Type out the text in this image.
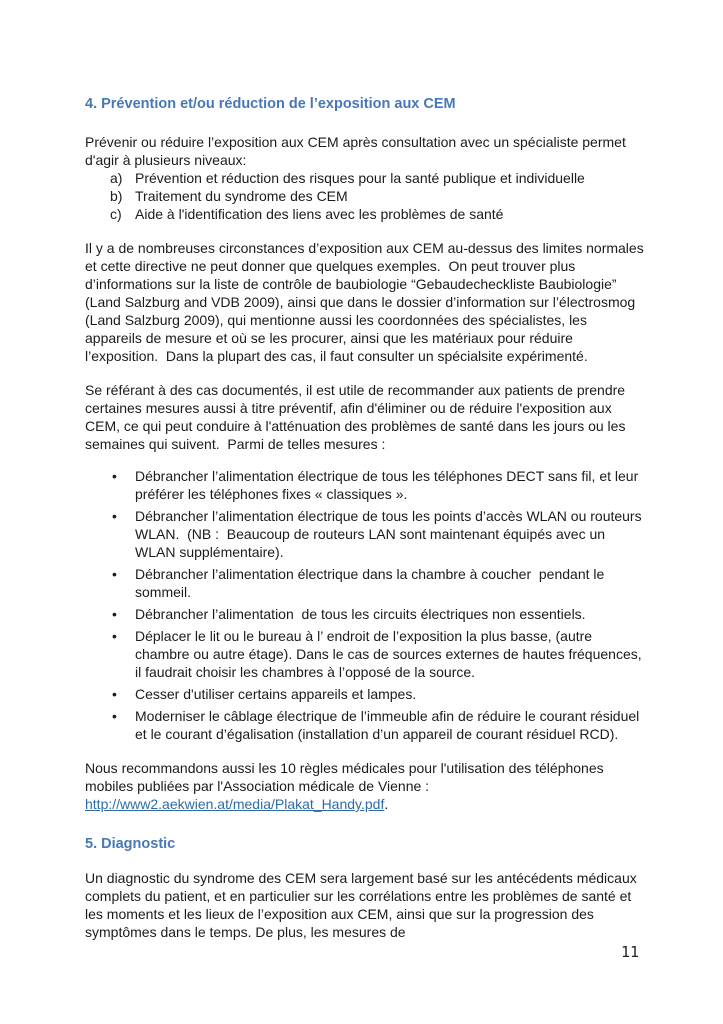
4. Prévention et/ou réduction de l’exposition aux CEM

Prévenir ou réduire l’exposition aux CEM après consultation avec un spécialiste permet d'agir à plusieurs niveaux:

a) Prévention et réduction des risques pour la santé publique et individuelle
b) Traitement du syndrome des CEM
c) Aide à l'identification des liens avec les problèmes de santé

Il y a de nombreuses circonstances d’exposition aux CEM au-dessus des limites normales et cette directive ne peut donner que quelques exemples.  On peut trouver plus d’informations sur la liste de contrôle de baubiologie “Gebaudecheckliste Baubiologie” (Land Salzburg and VDB 2009), ainsi que dans le dossier d’information sur l’électrosmog (Land Salzburg 2009), qui mentionne aussi les coordonnées des spécialistes, les appareils de mesure et où se les procurer, ainsi que les matériaux pour réduire l’exposition.  Dans la plupart des cas, il faut consulter un spécialsite expérimenté.

Se référant à des cas documentés, il est utile de recommander aux patients de prendre certaines mesures aussi à titre préventif, afin d'éliminer ou de réduire l'exposition aux CEM, ce qui peut conduire à l'atténuation des problèmes de santé dans les jours ou les semaines qui suivent.  Parmi de telles mesures :

•	Débrancher l’alimentation électrique de tous les téléphones DECT sans fil, et leur préférer les téléphones fixes « classiques ».
•	Débrancher l’alimentation électrique de tous les points d’accès WLAN ou routeurs WLAN.  (NB :  Beaucoup de routeurs LAN sont maintenant équipés avec un WLAN supplémentaire).
•	Débrancher l’alimentation électrique dans la chambre à coucher  pendant le sommeil.
•	Débrancher l’alimentation  de tous les circuits électriques non essentiels.
•	Déplacer le lit ou le bureau à l’ endroit de l’exposition la plus basse, (autre chambre ou autre étage). Dans le cas de sources externes de hautes fréquences, il faudrait choisir les chambres à l’opposé de la source.
•	Cesser d'utiliser certains appareils et lampes.
•	Moderniser le câblage électrique de l’immeuble afin de réduire le courant résiduel et le courant d’égalisation (installation d’un appareil de courant résiduel RCD).

Nous recommandons aussi les 10 règles médicales pour l'utilisation des téléphones mobiles publiées par l'Association médicale de Vienne : http://www2.aekwien.at/media/Plakat_Handy.pdf.

5. Diagnostic

Un diagnostic du syndrome des CEM sera largement basé sur les antécédents médicaux complets du patient, et en particulier sur les corrélations entre les problèmes de santé et les moments et les lieux de l’exposition aux CEM, ainsi que sur la progression des symptômes dans le temps. De plus, les mesures de

11
